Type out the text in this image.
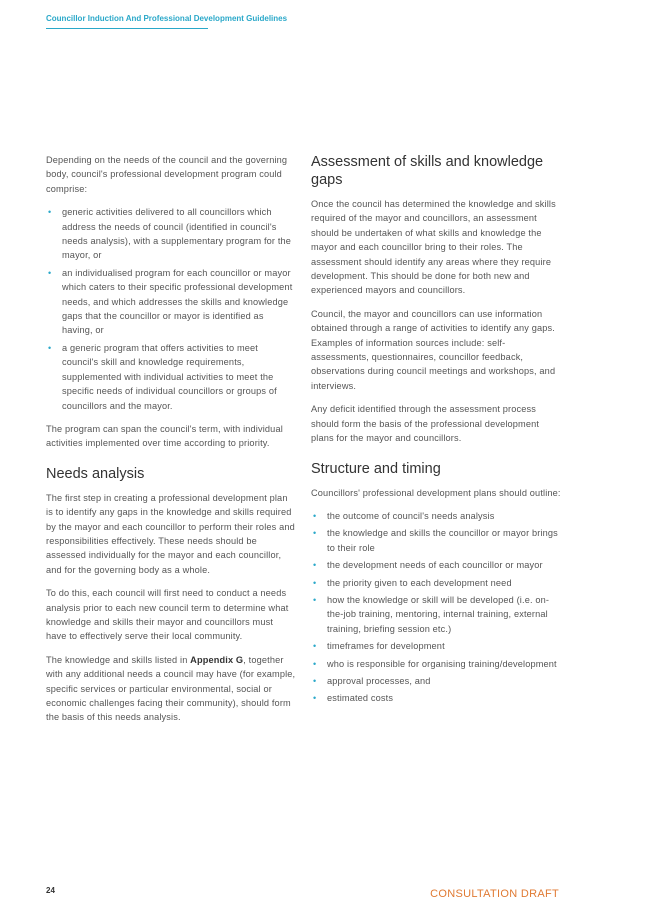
Councillor Induction And Professional Development Guidelines

Depending on the needs of the council and the governing body, council's professional development program could comprise:

• generic activities delivered to all councillors which address the needs of council (identified in council's needs analysis), with a supplementary program for the mayor, or
• an individualised program for each councillor or mayor which caters to their specific professional development needs, and which addresses the skills and knowledge gaps that the councillor or mayor is identified as having, or
• a generic program that offers activities to meet council's skill and knowledge requirements, supplemented with individual activities to meet the specific needs of individual councillors or groups of councillors and the mayor.

The program can span the council's term, with individual activities implemented over time according to priority.

Needs analysis

The first step in creating a professional development plan is to identify any gaps in the knowledge and skills required by the mayor and each councillor to perform their roles and responsibilities effectively. These needs should be assessed individually for the mayor and each councillor, and for the governing body as a whole.

To do this, each council will first need to conduct a needs analysis prior to each new council term to determine what knowledge and skills their mayor and councillors must have to effectively serve their local community.

The knowledge and skills listed in Appendix G, together with any additional needs a council may have (for example, specific services or particular environmental, social or economic challenges facing their community), should form the basis of this needs analysis.

Assessment of skills and knowledge gaps

Once the council has determined the knowledge and skills required of the mayor and councillors, an assessment should be undertaken of what skills and knowledge the mayor and each councillor bring to their roles. The assessment should identify any areas where they require development. This should be done for both new and experienced mayors and councillors.

Council, the mayor and councillors can use information obtained through a range of activities to identify any gaps. Examples of information sources include: self-assessments, questionnaires, councillor feedback, observations during council meetings and workshops, and interviews.

Any deficit identified through the assessment process should form the basis of the professional development plans for the mayor and councillors.

Structure and timing

Councillors' professional development plans should outline:

• the outcome of council's needs analysis
• the knowledge and skills the councillor or mayor brings to their role
• the development needs of each councillor or mayor
• the priority given to each development need
• how the knowledge or skill will be developed (i.e. on-the-job training, mentoring, internal training, external training, briefing session etc.)
• timeframes for development
• who is responsible for organising training/development
• approval processes, and
• estimated costs
24	CONSULTATION DRAFT
